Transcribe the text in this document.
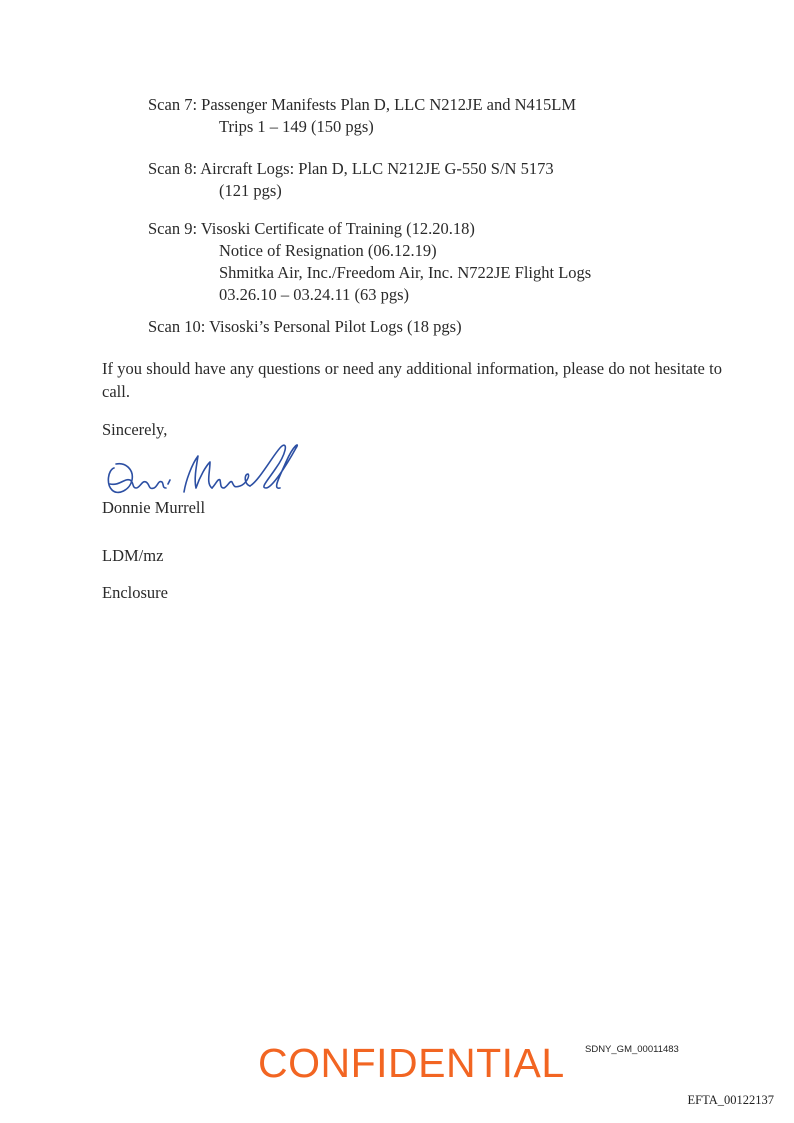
Scan 7: Passenger Manifests Plan D, LLC N212JE and N415LM
Trips 1 – 149 (150 pgs)
Scan 8: Aircraft Logs: Plan D, LLC N212JE G-550 S/N 5173
(121 pgs)
Scan 9: Visoski Certificate of Training (12.20.18)
Notice of Resignation (06.12.19)
Shmitka Air, Inc./Freedom Air, Inc. N722JE Flight Logs
03.26.10 – 03.24.11 (63 pgs)
Scan 10: Visoski’s Personal Pilot Logs (18 pgs)
If you should have any questions or need any additional information, please do not hesitate to call.
Sincerely,
Donnie Murrell
LDM/mz
Enclosure
CONFIDENTIAL SDNY_GM_00011483
EFTA_00122137
